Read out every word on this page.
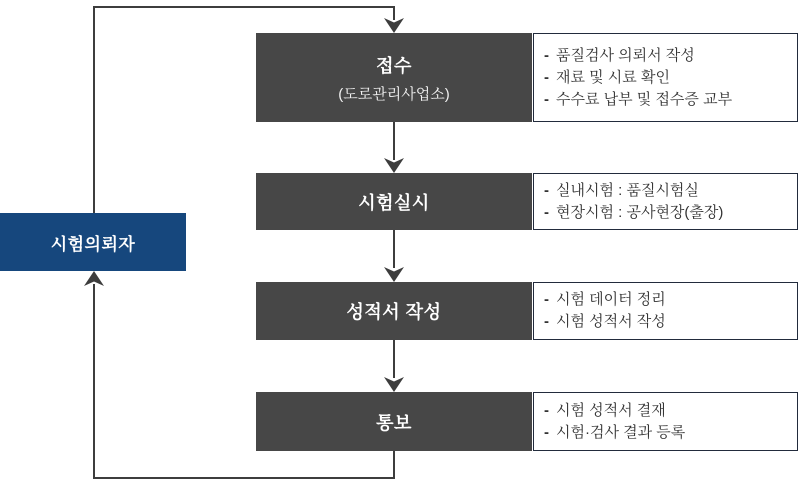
시험의뢰자
접수
(도로관리사업소)
- 품질검사 의뢰서 작성
- 재료 및 시료 확인
- 수수료 납부 및 접수증 교부
시험실시
- 실내시험 : 품질시험실
- 현장시험 : 공사현장(출장)
성적서 작성
- 시험 데이터 정리
- 시험 성적서 작성
통보
- 시험 성적서 결재
- 시험·검사 결과 등록
